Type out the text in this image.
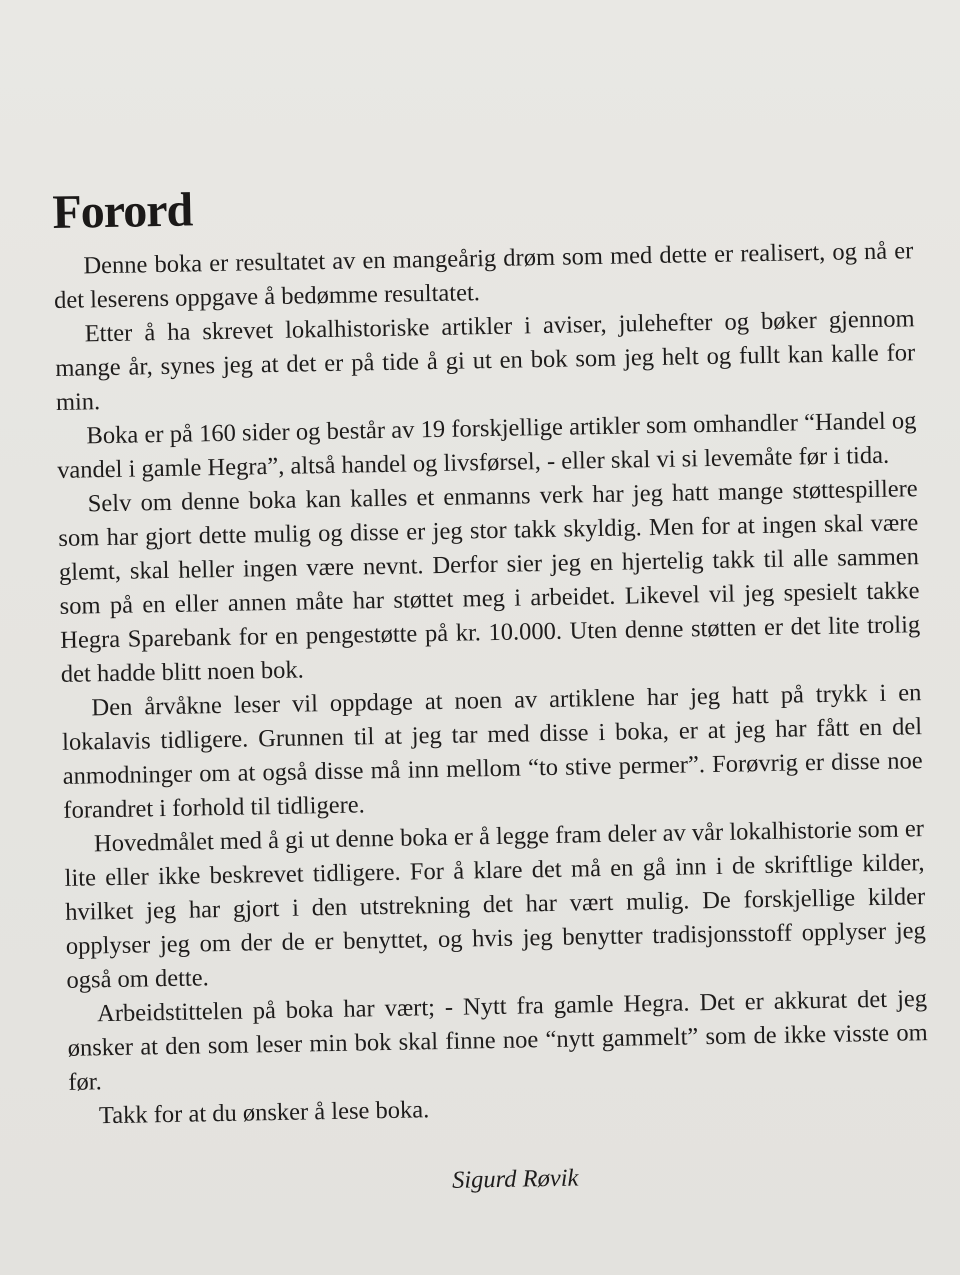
Forord

Denne boka er resultatet av en mangeårig drøm som med dette er realisert, og nå er det leserens oppgave å bedømme resultatet.

Etter å ha skrevet lokalhistoriske artikler i aviser, julehefter og bøker gjennom mange år, synes jeg at det er på tide å gi ut en bok som jeg helt og fullt kan kalle for min.

Boka er på 160 sider og består av 19 forskjellige artikler som omhandler “Handel og vandel i gamle Hegra”, altså handel og livsførsel, - eller skal vi si levemåte før i tida.

Selv om denne boka kan kalles et enmanns verk har jeg hatt mange støttespillere som har gjort dette mulig og disse er jeg stor takk skyldig. Men for at ingen skal være glemt, skal heller ingen være nevnt. Derfor sier jeg en hjertelig takk til alle sammen som på en eller annen måte har støttet meg i arbeidet. Likevel vil jeg spesielt takke Hegra Sparebank for en pengestøtte på kr. 10.000. Uten denne støtten er det lite trolig det hadde blitt noen bok.

Den årvåkne leser vil oppdage at noen av artiklene har jeg hatt på trykk i en lokalavis tidligere. Grunnen til at jeg tar med disse i boka, er at jeg har fått en del anmodninger om at også disse må inn mellom “to stive permer”. Forøvrig er disse noe forandret i forhold til tidligere.

Hovedmålet med å gi ut denne boka er å legge fram deler av vår lokalhistorie som er lite eller ikke beskrevet tidligere. For å klare det må en gå inn i de skriftlige kilder, hvilket jeg har gjort i den utstrekning det har vært mulig. De forskjellige kilder opplyser jeg om der de er benyttet, og hvis jeg benytter tradisjonsstoff opplyser jeg også om dette.

Arbeidstittelen på boka har vært; - Nytt fra gamle Hegra. Det er akkurat det jeg ønsker at den som leser min bok skal finne noe “nytt gammelt” som de ikke visste om før.

Takk for at du ønsker å lese boka.

Sigurd Røvik
